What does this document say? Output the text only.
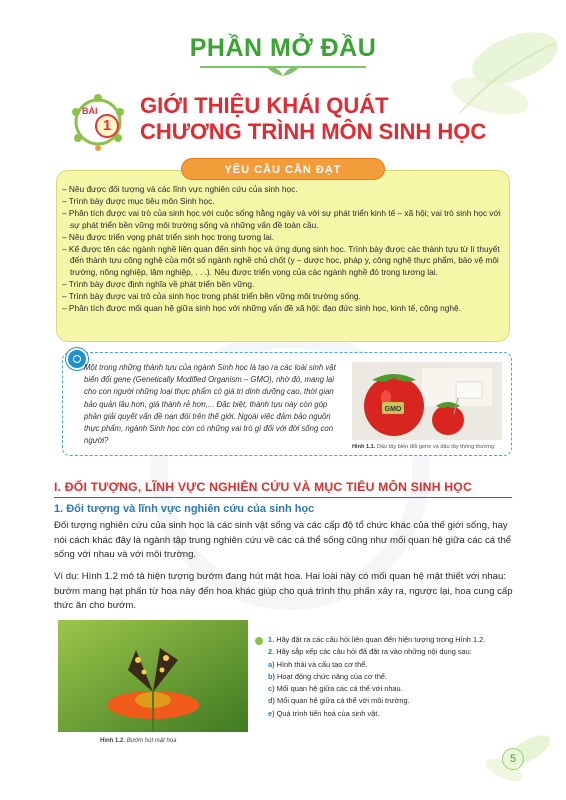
PHẦN MỞ ĐẦU
BÀI
1
GIỚI THIỆU KHÁI QUÁT
CHƯƠNG TRÌNH MÔN SINH HỌC
YÊU CẦU CẦN ĐẠT
– Nêu được đối tượng và các lĩnh vực nghiên cứu của sinh học.
– Trình bày được mục tiêu môn Sinh học.
– Phân tích được vai trò của sinh học với cuộc sống hằng ngày và với sự phát triển kinh tế – xã hội; vai trò sinh học với sự phát triển bền vững môi trường sống và những vấn đề toàn cầu.
– Nêu được triển vọng phát triển sinh học trong tương lai.
– Kể được tên các ngành nghề liên quan đến sinh học và ứng dụng sinh học. Trình bày được các thành tựu từ lí thuyết đến thành tựu công nghệ của một số ngành nghề chủ chốt (y – dược học, pháp y, công nghệ thực phẩm, bảo vệ môi trường, nông nghiệp, lâm nghiệp, . . .). Nêu được triển vọng của các ngành nghề đó trong tương lai.
– Trình bày được định nghĩa về phát triển bền vững.
– Trình bày được vai trò của sinh học trong phát triển bền vững môi trường sống.
– Phân tích được mối quan hệ giữa sinh học với những vấn đề xã hội: đạo đức sinh học, kinh tế, công nghệ.
Một trong những thành tựu của ngành Sinh học là tạo ra các loài sinh vật biến đổi gene (Genetically Modified Organism – GMO), nhờ đó, mang lại cho con người những loại thực phẩm có giá trị dinh dưỡng cao, thời gian bảo quản lâu hơn, giá thành rẻ hơn,... Đặc biệt, thành tựu này còn góp phần giải quyết vấn đề nạn đói trên thế giới. Ngoài việc đảm bảo nguồn thực phẩm, ngành Sinh học còn có những vai trò gì đối với đời sống con người?
GMO
Hình 1.1. Dâu tây biến đổi gene và dâu tây thông thường
I. ĐỐI TƯỢNG, LĨNH VỰC NGHIÊN CỨU VÀ MỤC TIÊU MÔN SINH HỌC
1. Đối tượng và lĩnh vực nghiên cứu của sinh học
Đối tượng nghiên cứu của sinh học là các sinh vật sống và các cấp độ tổ chức khác của thế giới sống, hay nói cách khác đây là ngành tập trung nghiên cứu về các cá thể sống cũng như mối quan hệ giữa các cá thể sống với nhau và với môi trường.
Ví dụ: Hình 1.2 mô tả hiện tượng bướm đang hút mật hoa. Hai loài này có mối quan hệ mật thiết với nhau: bướm mang hạt phấn từ hoa này đến hoa khác giúp cho quá trình thụ phấn xảy ra, ngược lại, hoa cung cấp thức ăn cho bướm.
Hình 1.2. Bướm hút mật hoa
1. Hãy đặt ra các câu hỏi liên quan đến hiện tượng trong Hình 1.2.
2. Hãy sắp xếp các câu hỏi đã đặt ra vào những nội dung sau:
a) Hình thái và cấu tạo cơ thể.
b) Hoạt động chức năng của cơ thể.
c) Mối quan hệ giữa các cá thể với nhau.
d) Mối quan hệ giữa cá thể với môi trường.
e) Quá trình tiến hoá của sinh vật.
5
